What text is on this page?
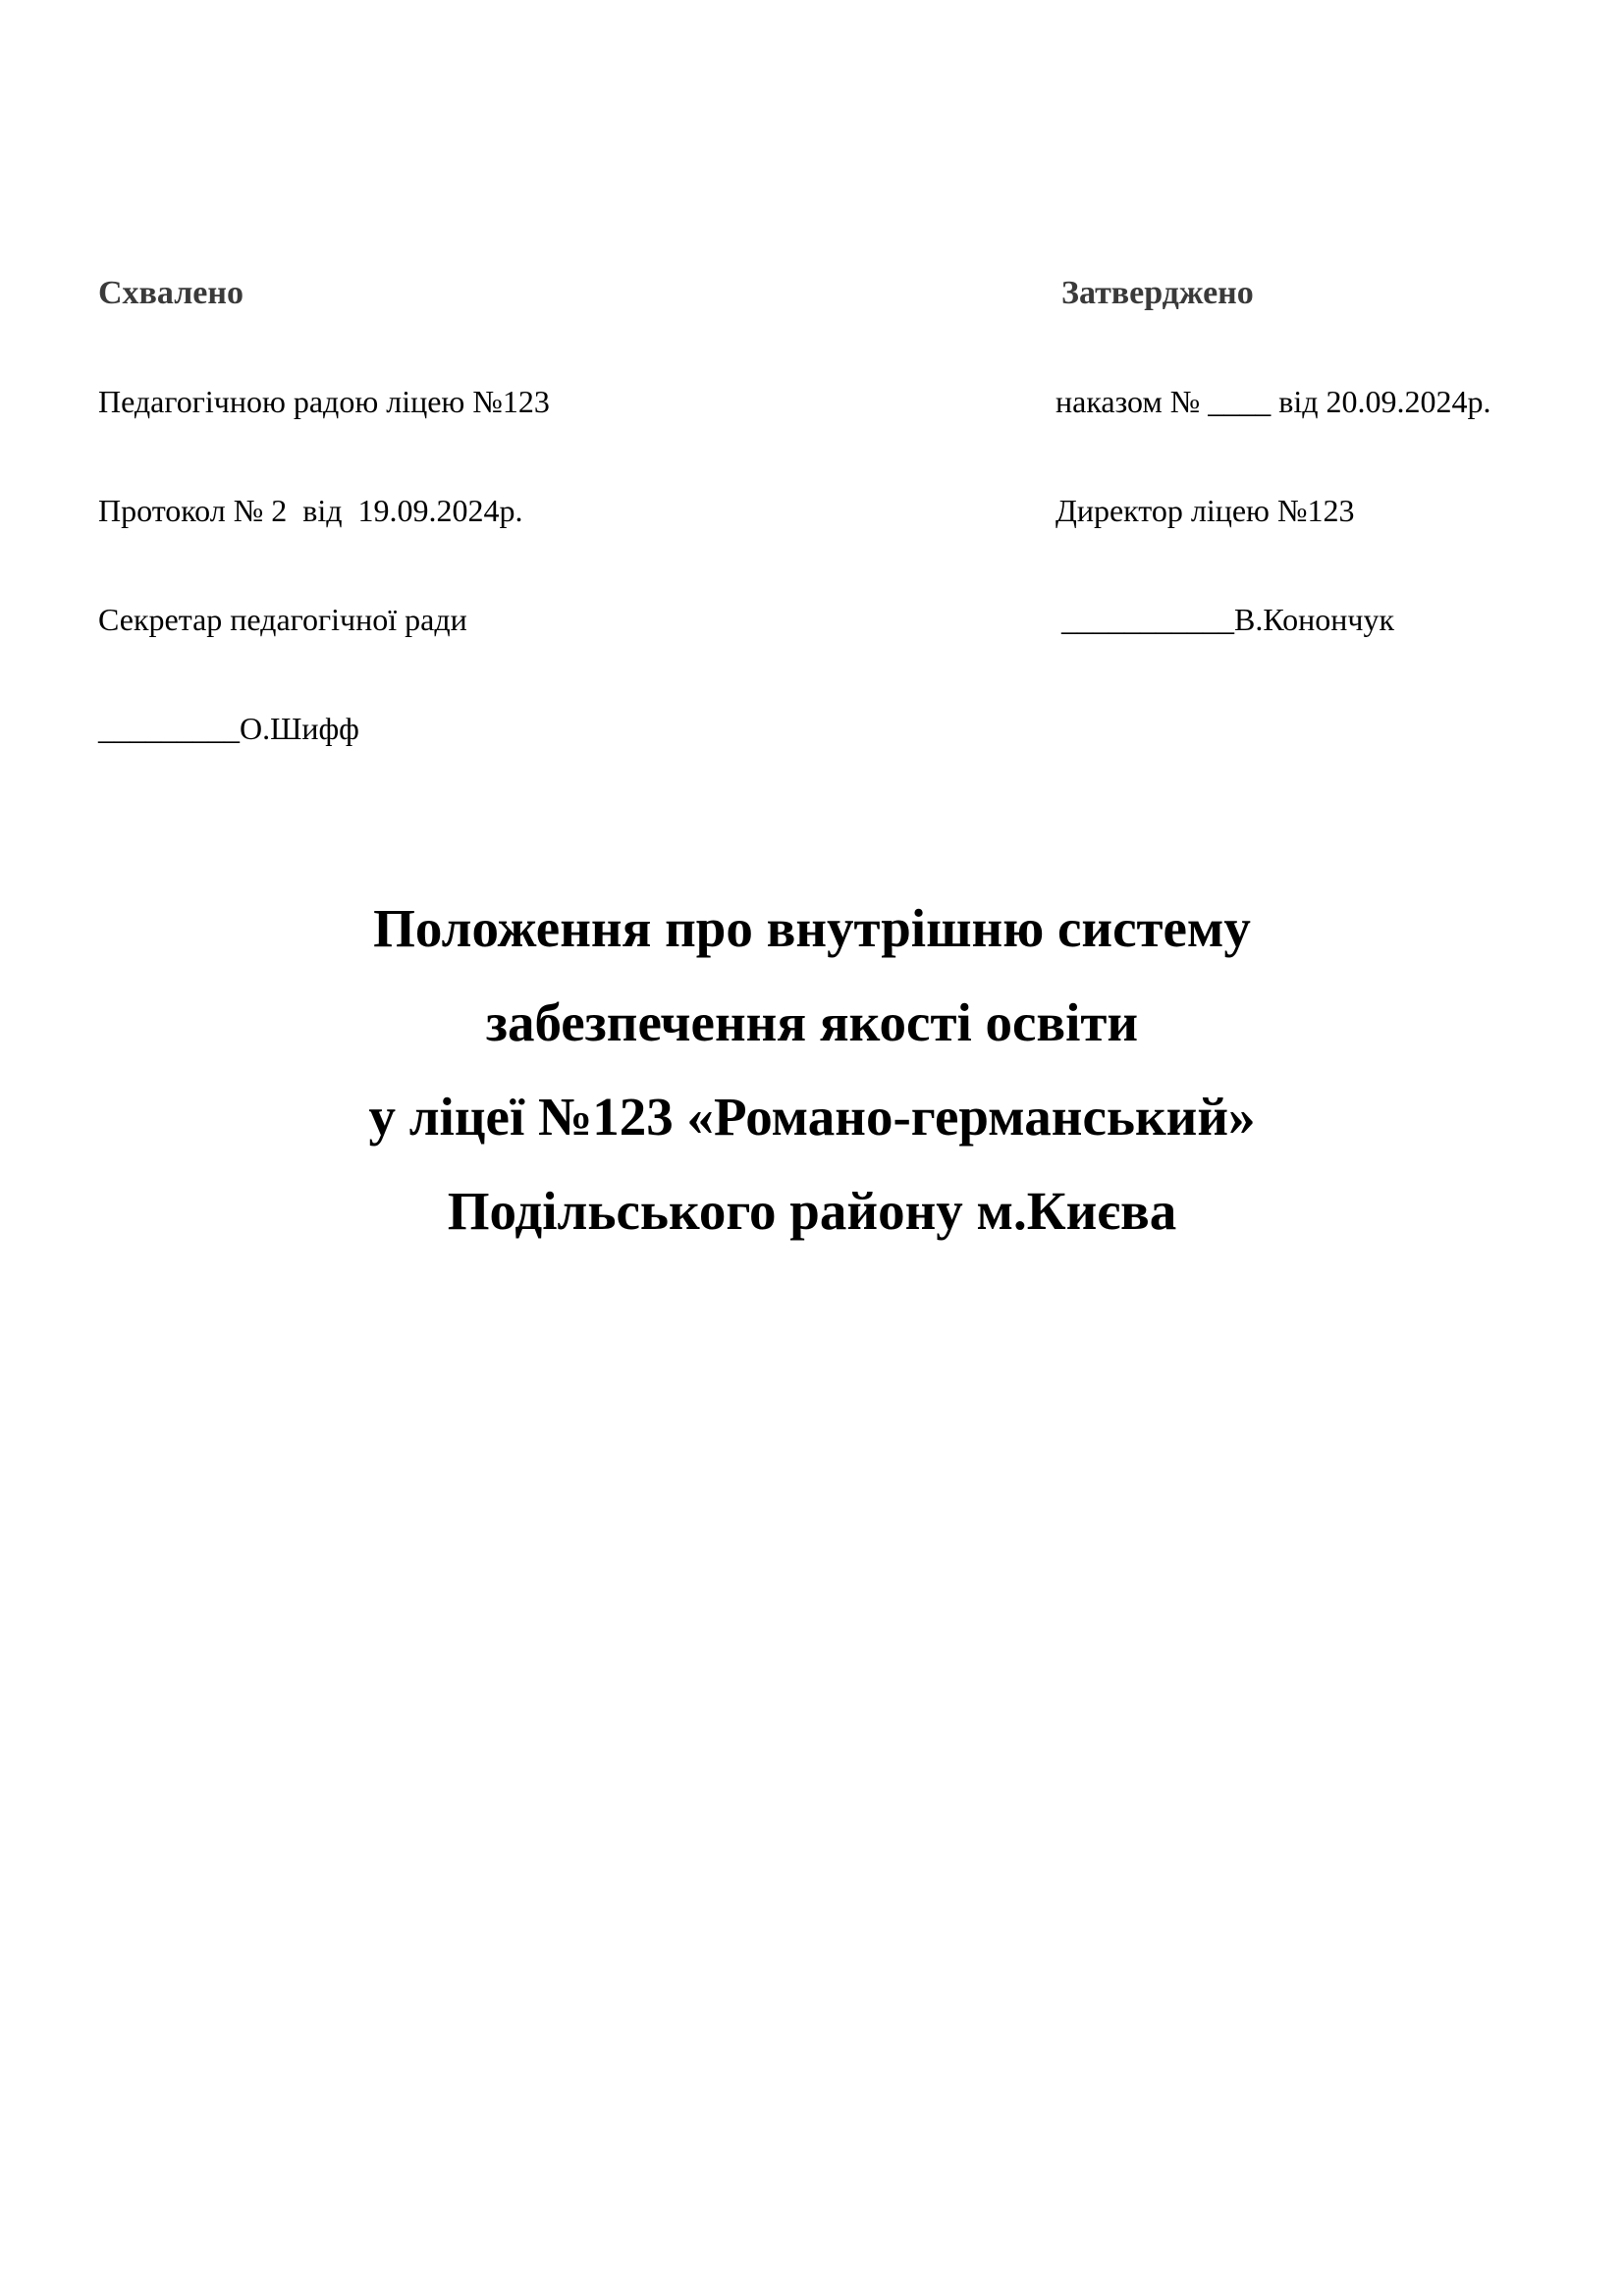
Схвалено

Педагогічною радою ліцею №123

Протокол № 2  від  19.09.2024р.

Секретар педагогічної ради

_________О.Шифф

Затверджено

наказом № ____ від 20.09.2024р.

Директор ліцею №123

___________В.Конончук

Положення про внутрішню систему
забезпечення якості освіти
у ліцеї №123 «Романо-германський»
Подільського району м.Києва
